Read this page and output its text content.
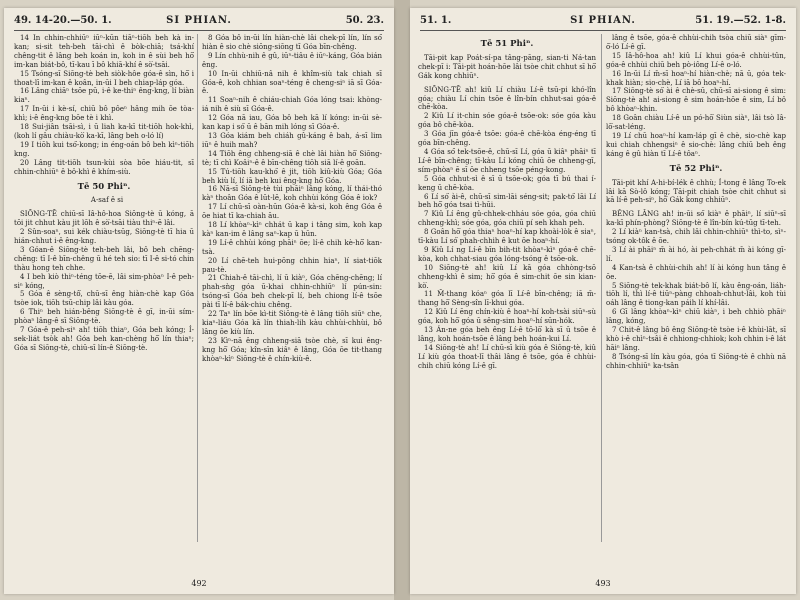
49. 14-20.—50. 1.	SI PHIAN.	50. 23.

14 In chhin-chhiūⁿ iūⁿ-kūn tiāⁿ-tiōh beh kà in-kan; si-sit teh-beh tāi-chì ê bòk-chiā; tsá-khí chêng-tit ê lâng beh koán in, koh in ê sùi beh hō͘ im-kan biát-bô, tī-kau ī bô khiā-khí ê sò͘-tsāi.

15 Tsóng-sī Siōng-tè beh siòk-hôe góa-ê sìn, hō͘ i thoat-lī im-kan ê koân, in-ūi I beh chiap-láp góa.

16 Lâng chiāⁿ tsōe pū, i-ê ke-thiⁿ êng-kng, lí biàn kiaⁿ.

17 In-ūi i kè-sí, chiū bô pôeⁿ hâng mih ōe tòa-khì; i-ê êng-kng bōe tè i khì.

18 Sui-jiân tsāi-sì, i ū liah ka-kī tit-tiōh hok-khì, (koh lí gâu chiàu-kò͘ ka-kī, lâng beh o-ló lí)

19 I tiōh kui tsó͘-kong; in éng-oán bô beh kìⁿ-tiōh kng.

20 Lâng tit-tiōh tsun-kùi sòa bōe hiáu-tit, sī chhin-chhiūⁿ ê bô-khì ê khím-siù.

Tē 50 Phiⁿ.

A-saf ê si

SIŌNG-TĒ chiū-sī Iâ-hô-hoa Siōng-tè ū kóng, ā tōi jit chhut kàu jit lōh ê sò͘-tsāi tiàu thiⁿ-ē lâi.

2 Sûn-soaⁿ, sui kék chiàu-tsūg, Siōng-tè tī hia ū hián-chhut i-ê êng-kng.

3 Góan-ê Siōng-tè teh-beh lâi, bô beh chēng-chēng: tī I-ê bīn-chêng ū hé teh sio: tī I-ê si-tó chin thàu hong teh chhe.

4 I beh kiò thiⁿ-téng tōe-ē, lâi sim-phòaⁿ I-ê peh-siⁿ kóng,

5 Góa ê sèng-tô͘, chū-sī êng hiàn-chè kap Góa tsòe iok, tiōh tsū-chip lâi kàu góa.

6 Thiⁿ beh hián-bêng Siōng-tè ê gī, in-ūi sím-phòaⁿ lâng-ê sī Siōng-tè.

7 Góa-ê peh-siⁿ ah! tiōh thiaⁿ, Góa beh kóng; Í-sek-liát tsòk ah! Góa beh kan-chèng hō͘ lín thiaⁿ; Góa sī Siōng-tè, chiū-sī lín-ê Siōng-tè.

8 Góa bô in-ūi lín hiàn-chè lâi chek-pī lín, lín só͘ hiàn ê sio chè siōng-siōng tī Góa bīn-chêng.

9 Lín chhù-nih ê gû, iūⁿ-tiâu ê iūⁿ-káng, Góa bián êng.

10 In-ūi chhiū-nâ nih ê khîm-siù tak chiah sī Góa-ê, koh chhian soaⁿ-téng ê cheng-siⁿ iā sī Góa-ê.

11 Soaⁿ-nih ê chiáu-chiah Góa lóng tsai: khòng-iá nih ê siù sī Góa-ê.

12 Góa nā iau, Góa bô beh kā lí kóng: in-ūi sè-kan kap i só͘ ū ê bān mih lóng sī Góa-ê.

13 Góa kiám beh chiáh gû-káng ê bah, á-sī lim iūⁿ ê huih mah?

14 Tiōh êng chheng-siā ê chè lâi hiàn hō͘ Siōng-tè; tī chì Koâiⁿ-ê ê bīn-chêng tiōh siā lí-ê goān.

15 Tú-tiōh kau-khó͘ ê jit, tiōh kiû-kiù Góa; Góa beh kiù lí, lí iā beh kui êng-kng hō͘ Góa.

16 Nā-sī Siōng-tè tùi phāiⁿ lâng kóng, lí thái-thó kàⁿ thoân Góa ê lūt-lē, koh chhùi kóng Góa ê iok?

17 Lí chū-sī oàn-hūn Góa-ê kà-si, koh êng Góa ê ōe hiat tī ka-chiah āu.

18 Lí khòaⁿ-kìⁿ chhát ū kap i tâng sim, koh kap kàⁿ kan-im ê lâng saⁿ-kap ū hūn.

19 Lí-ê chhùi kóng phāiⁿ ōe; lí-ê chih kè-hō͘ kan-tsà.

20 Lí chē-teh hui-pōng chhin hiaⁿ, lí siat-tiōk pau-tè.

21 Chiah-ê tāi-chì, lí ū kiàⁿ, Góa chēng-chēng; lí phah-sǹg góa ū-khai chhin-chhiūⁿ lí pún-sin: tsóng-sī Góa beh chek-pī lí, beh chiong lí-ê tsōe pài tī lí-ê bák-chiu chêng.

22 Taⁿ lín bōe kì-tit Siōng-tè ê lâng tiōh siūⁿ che, kiaⁿ-liáu Góa kā lín thiah-lih kàu chhùi-chhùi, bô lâng ōe kiù lín.

23 Kìⁿ-nā êng chheng-siā tsòe chè, sī kui êng-kng hō͘ Góa; kîn-sīn kiâⁿ ê lâng, Góa ōe tit-thang khòaⁿ-kìⁿ Siōng-tè ê chín-kiù-ê.

492
51. 1.	SI PHIAN.	51. 19.—52. 1-8.

Tē 51 Phiⁿ.

Tāi-pit kap Poát-sí-pa tâng-pāng, sian-ti Ná-tan chek-pī i: Tāi-pit hoán-hōe lâi tsòe chit chhut sī hō͘ Gák kong chhiūⁿ.

SIŌNG-TĒ ah! kiû Lí chiàu Lí-ê tsū-pi khó-lîn góa; chiàu Lí chin tsōe ê lîn-bín chhut-sai góa-ê chē-kòa.

2 Kiû Lí it-chin sóe góa-ê tsōe-ok: sóe góa kàu góa bô chē-kòa.

3 Góa jīn góa-ê tsōe: góa-ê chē-kòa éng-éng tī góa bīn-chêng.

4 Góa só͘ tek-tsōe-ê, chū-sī Lí, góa ū kiâⁿ phāiⁿ tī Lí-ê bīn-chêng; tī-kàu Lí kóng chiū ōe chheng-gī, sím-phòaⁿ ē sī ōe chheng tsōe péng-kong.

5 Góa chhut-sì ê sī ū tsōe-ok; góa tī bú thai í-keng ū chē-kòa.

6 Lí só͘ ài-ê, chū-sī sim-lāi séng-sit; pak-tó͘ lāi Lí beh hō͘ góa tsai tì-hūi.

7 Kiû Lí êng gû-chhek-chháu sóe góa, góa chiū chheng-khì; sóe góa, góa chiū pí seh khah peh.

8 Goân hō͘ góa thiaⁿ hoaⁿ-hí kap khoài-lòk ê siaⁿ, tī-kàu Lí só͘ phah-chhih ê kut ōe hoaⁿ-hí.

9 Kiû Lí ng Lí-ê bīn bih-tit khòaⁿ-kìⁿ góa-ê chē-kòa, koh chhat-siau góa lóng-tsóng ê tsōe-ok.

10 Siōng-tè ah! kiû Lí kā góa chhòng-tsō chheng-khì ê sim; hō͘ góa ê sim-chit ōe sin kian-kò͘.

11 M̄-thang kóaⁿ góa lī Lí-ê bīn-chêng; iā m̄-thang hō͘ Sèng-sîn lī-khui góa.

12 Kiû Lí ēng chín-kiù ê hoaⁿ-hí koh-tsài siūⁿ-sù góa, koh hō͘ góa ū sêng-sim hoaⁿ-hí sūn-hók.

13 Án-ne góa beh êng Lí-ê tō-lō͘ kà sī ū tsōe ê lâng, koh hoán-tsōe ê lâng beh hoán-kui Lí.

14 Siōng-tè ah! Lí chū-sī kiù góa ê Siōng-tè, kiû Lí kiù góa thoat-lī thâi lâng ê tsōe, góa ê chhùi-chih chiū kóng Lí-ê gī.

lâng ê tsōe, góa-ê chhùi-chih tsòa chiū siàⁿ gīm-ō͘-ló Lí-ê gī.

15 Iâ-hô-hoa ah! kiû Lí khui góa-ê chhùi-tûn, góa-ê chhùi chiū beh pò-iông Lí-ê o-ló.

16 In-ūi Lí m̄-sī hoaⁿ-hí hiàn-chè; nā ū, góa tek-khak hiàn; sio-chè, Lí iā bô hoaⁿ-hí.

17 Siōng-tè só͘ ài ê chè-sū, chū-sī ai-siong ê sim: Siōng-tè ah! ai-siong ê sim hoán-hōe ê sim, Lí bô bô khòaⁿ-khin.

18 Goân chiàu Lí-ê un pó-hō͘ Siùn siàⁿ, lâi tsò Iâ-lō͘-sat-léng.

19 Lí chū hoaⁿ-hí kam-láp gī ê chè, sio-chè kap kui chiah chhengsiⁿ ê sio-chè: lâng chiū beh êng káng ê gû hiàn tī Lí-ê tôaⁿ.

Tē 52 Phiⁿ.

Tāi-pit khí A-hi-bí-lék ê chhù; Í-tong ê lâng To-ek lâi kā Sò-lô kóng; Tāi-pit chiah tsòe chit chhut si kā lí-ê peh-siⁿ, hō͘ Gák kong chhiūⁿ.

BÊNG LÂNG ah! in-ūi só͘ kiàⁿ ê phāiⁿ, lí siūⁿ-sī ka-kī phín-phòng? Siōng-tè ê lîn-bín kú-tūg tī-teh.

2 Lí kiàⁿ kan-tsà, chih lâi chhin-chhiūⁿ thì-to, sìⁿ-tsóng ok-tôk ê ōe.

3 Lí ài phāiⁿ m̄ ài hó, ài peh-chhát m̄ ài kóng gī-lí.

4 Kan-tsà ê chhùi-chih ah! lí ài kóng hun tâng ê ōe.

5 Siōng-tè tek-khak biát-bô lí, kàu êng-oán, liáh-tiōh lí, thì lí-ê tiūⁿ-pàng chhoah-chhut-lâi, koh tùi oáh lâng ê tiong-kan páih lí khí-lâi.

6 Gī lâng khòaⁿ-kìⁿ chiū kiàⁿ, i beh chhiò phāiⁿ lâng, kóng,

7 Chit-ê lâng bô êng Siōng-tè tsòe i-ê khùi-lāt, sī khò i-ê chìⁿ-tsâi ê chhiong-chhiok; koh chhin i-ê lát hāiⁿ lâng.

8 Tsóng-sī lín kàu góa, góa tī Siōng-tè ê chhù nā chhin-chhiūⁿ ka-tsân

493
